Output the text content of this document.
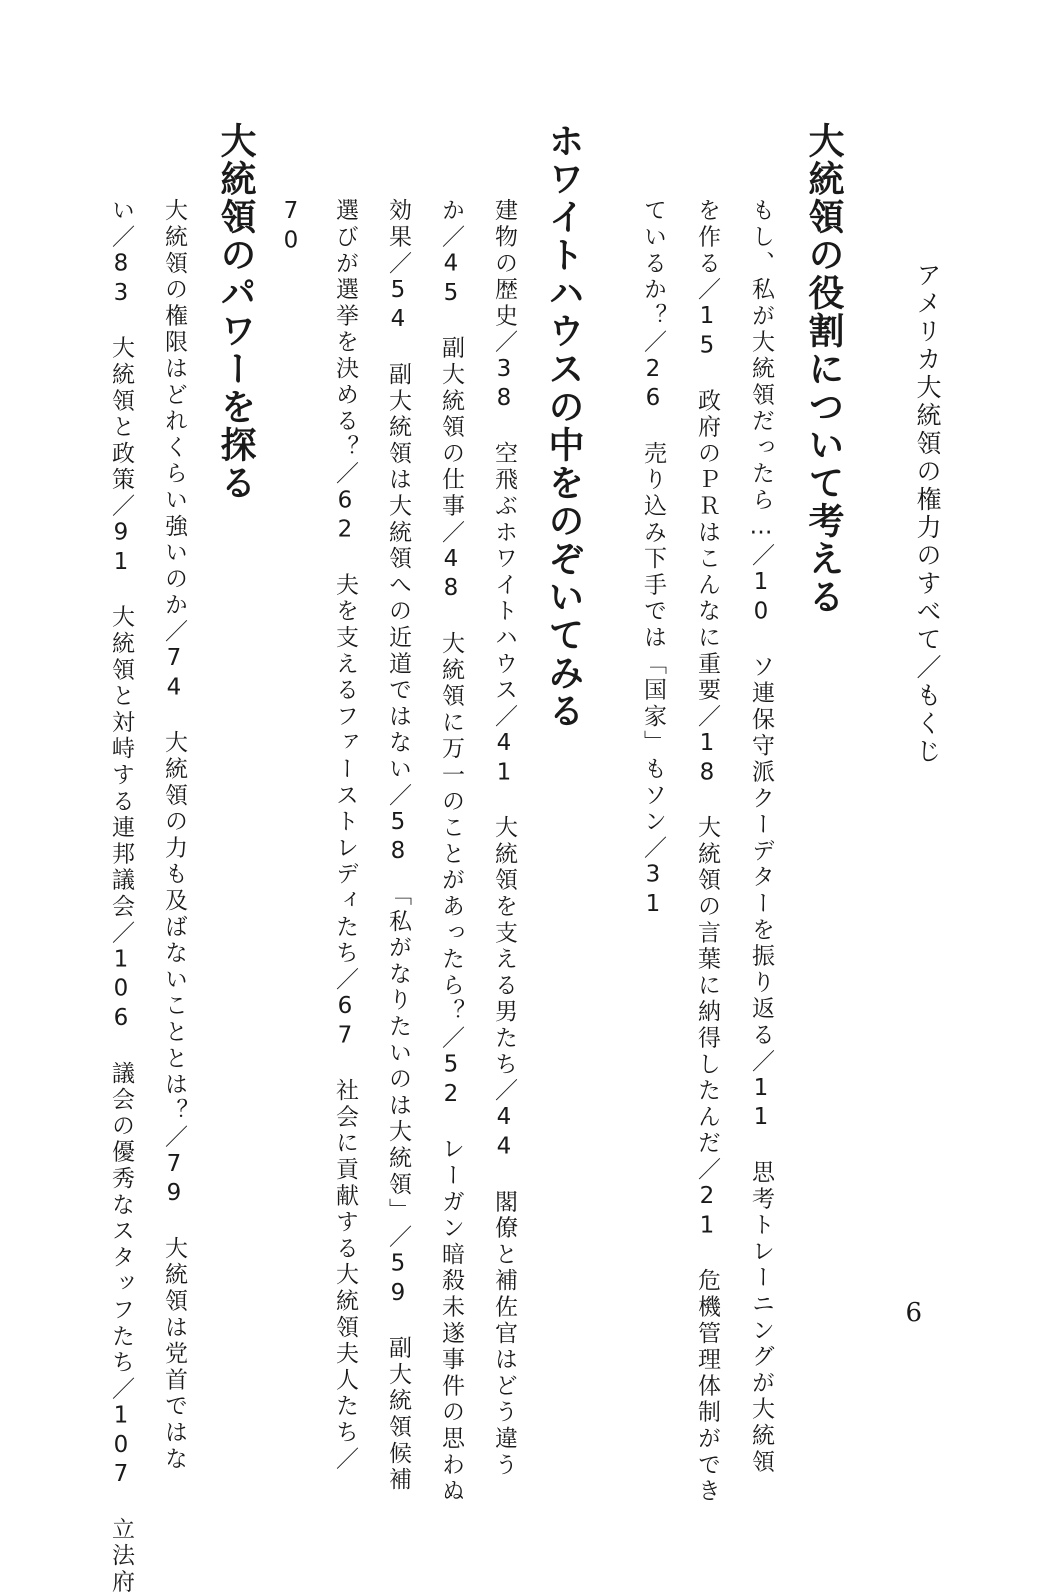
アメリカ大統領の権力のすべて／もくじ
大統領の役割について考える

もし、私が大統領だったら…／10　ソ連保守派クーデターを振り返る／11　思考トレーニングが大統領

を作る／15　政府のＰＲはこんなに重要／18　大統領の言葉に納得したんだ／21　危機管理体制ができ

ているか？／26　売り込み下手では「国家」もソン／31

ホワイトハウスの中をのぞいてみる

建物の歴史／38　空飛ぶホワイトハウス／41　大統領を支える男たち／44　閣僚と補佐官はどう違う

か／45　副大統領の仕事／48　大統領に万一のことがあったら？／52　レーガン暗殺未遂事件の思わぬ

効果／54　副大統領は大統領への近道ではない／58　「私がなりたいのは大統領」／59　副大統領候補

選びが選挙を決める？／62　夫を支えるファーストレディたち／67　社会に貢献する大統領夫人たち／

70

大統領のパワーを探る

大統領の権限はどれくらい強いのか／74　大統領の力も及ばないこととは？／79　大統領は党首ではな

い／83　大統領と政策／91　大統領と対峙する連邦議会／106　議会の優秀なスタッフたち／107　立法府	6
